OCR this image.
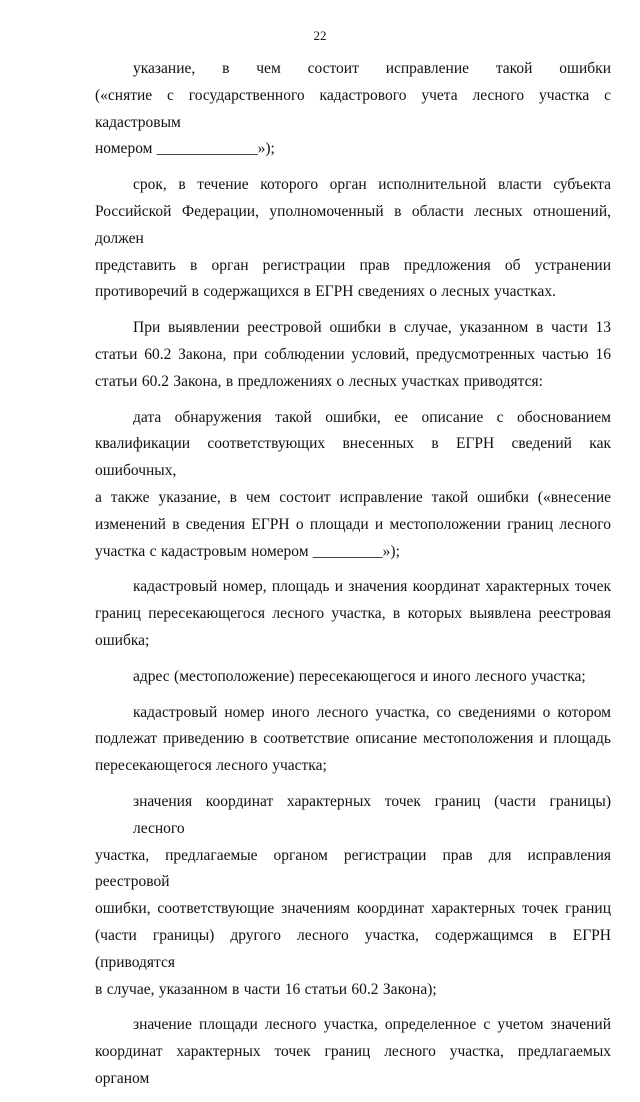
22

указание, в чем состоит исправление такой ошибки
(«снятие с государственного кадастрового учета лесного участка с кадастровым
номером _____________»);

срок, в течение которого орган исполнительной власти субъекта
Российской Федерации, уполномоченный в области лесных отношений, должен
представить в орган регистрации прав предложения об устранении
противоречий в содержащихся в ЕГРН сведениях о лесных участках.

При выявлении реестровой ошибки в случае, указанном в части 13
статьи 60.2 Закона, при соблюдении условий, предусмотренных частью 16
статьи 60.2 Закона, в предложениях о лесных участках приводятся:

дата обнаружения такой ошибки, ее описание с обоснованием
квалификации соответствующих внесенных в ЕГРН сведений как ошибочных,
а также указание, в чем состоит исправление такой ошибки («внесение
изменений в сведения ЕГРН о площади и местоположении границ лесного
участка с кадастровым номером _________»);

кадастровый номер, площадь и значения координат характерных точек
границ пересекающегося лесного участка, в которых выявлена реестровая
ошибка;

адрес (местоположение) пересекающегося и иного лесного участка;

кадастровый номер иного лесного участка, со сведениями о котором
подлежат приведению в соответствие описание местоположения и площадь
пересекающегося лесного участка;

значения координат характерных точек границ (части границы) лесного
участка, предлагаемые органом регистрации прав для исправления реестровой
ошибки, соответствующие значениям координат характерных точек границ
(части границы) другого лесного участка, содержащимся в ЕГРН (приводятся
в случае, указанном в части 16 статьи 60.2 Закона);

значение площади лесного участка, определенное с учетом значений
координат характерных точек границ лесного участка, предлагаемых органом
